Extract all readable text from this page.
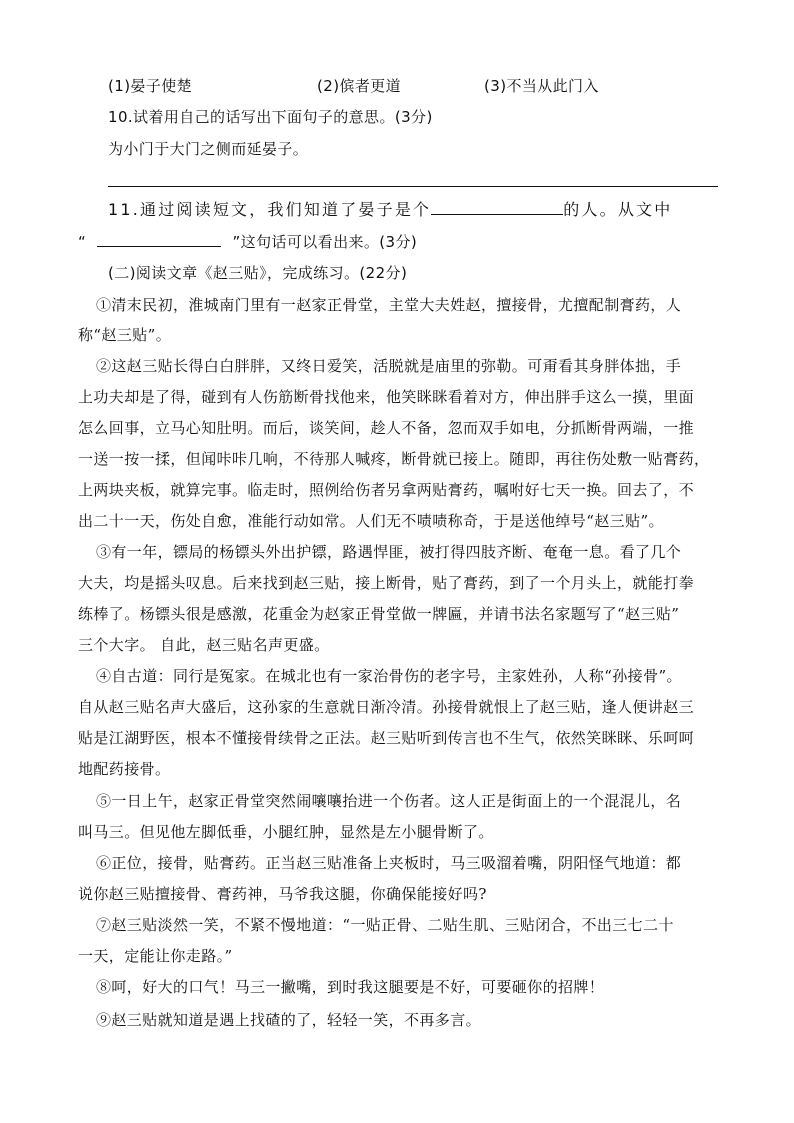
(1)晏子使楚	(2)傧者更道	(3)不当从此门入
10.试着用自己的话写出下面句子的意思。(3分)
为小门于大门之侧而延晏子。
11.通过阅读短文，我们知道了晏子是个	的人。从文中
“	”这句话可以看出来。(3分)
(二)阅读文章《赵三贴》，完成练习。(22分)
①清末民初，淮城南门里有一赵家正骨堂，主堂大夫姓赵，擅接骨，尤擅配制膏药，人
称“赵三贴”。
②这赵三贴长得白白胖胖，又终日爱笑，活脱就是庙里的弥勒。可甭看其身胖体拙，手
上功夫却是了得，碰到有人伤筋断骨找他来，他笑眯眯看着对方，伸出胖手这么一摸，里面
怎么回事，立马心知肚明。而后，谈笑间，趁人不备，忽而双手如电，分抓断骨两端，一推
一送一按一揉，但闻咔咔几响，不待那人喊疼，断骨就已接上。随即，再往伤处敷一贴膏药，
上两块夹板，就算完事。临走时，照例给伤者另拿两贴膏药，嘱咐好七天一换。回去了，不
出二十一天，伤处自愈，准能行动如常。人们无不啧啧称奇，于是送他绰号“赵三贴”。
③有一年，镖局的杨镖头外出护镖，路遇悍匪，被打得四肢齐断、奄奄一息。看了几个
大夫，均是摇头叹息。后来找到赵三贴，接上断骨，贴了膏药，到了一个月头上，就能打拳
练棒了。杨镖头很是感激，花重金为赵家正骨堂做一牌匾，并请书法名家题写了“赵三贴”
三个大字。 自此，赵三贴名声更盛。
④自古道：同行是冤家。在城北也有一家治骨伤的老字号，主家姓孙，人称“孙接骨”。
自从赵三贴名声大盛后，这孙家的生意就日渐冷清。孙接骨就恨上了赵三贴，逢人便讲赵三
贴是江湖野医，根本不懂接骨续骨之正法。赵三贴听到传言也不生气，依然笑眯眯、乐呵呵
地配药接骨。
⑤一日上午，赵家正骨堂突然闹嚷嚷抬进一个伤者。这人正是街面上的一个混混儿，名
叫马三。但见他左脚低垂，小腿红肿，显然是左小腿骨断了。
⑥正位，接骨，贴膏药。正当赵三贴准备上夹板时，马三吸溜着嘴，阴阳怪气地道：都
说你赵三贴擅接骨、膏药神，马爷我这腿，你确保能接好吗?
⑦赵三贴淡然一笑，不紧不慢地道：“一贴正骨、二贴生肌、三贴闭合，不出三七二十
一天，定能让你走路。”
⑧呵，好大的口气！马三一撇嘴，到时我这腿要是不好，可要砸你的招牌！
⑨赵三贴就知道是遇上找碴的了，轻轻一笑，不再多言。
